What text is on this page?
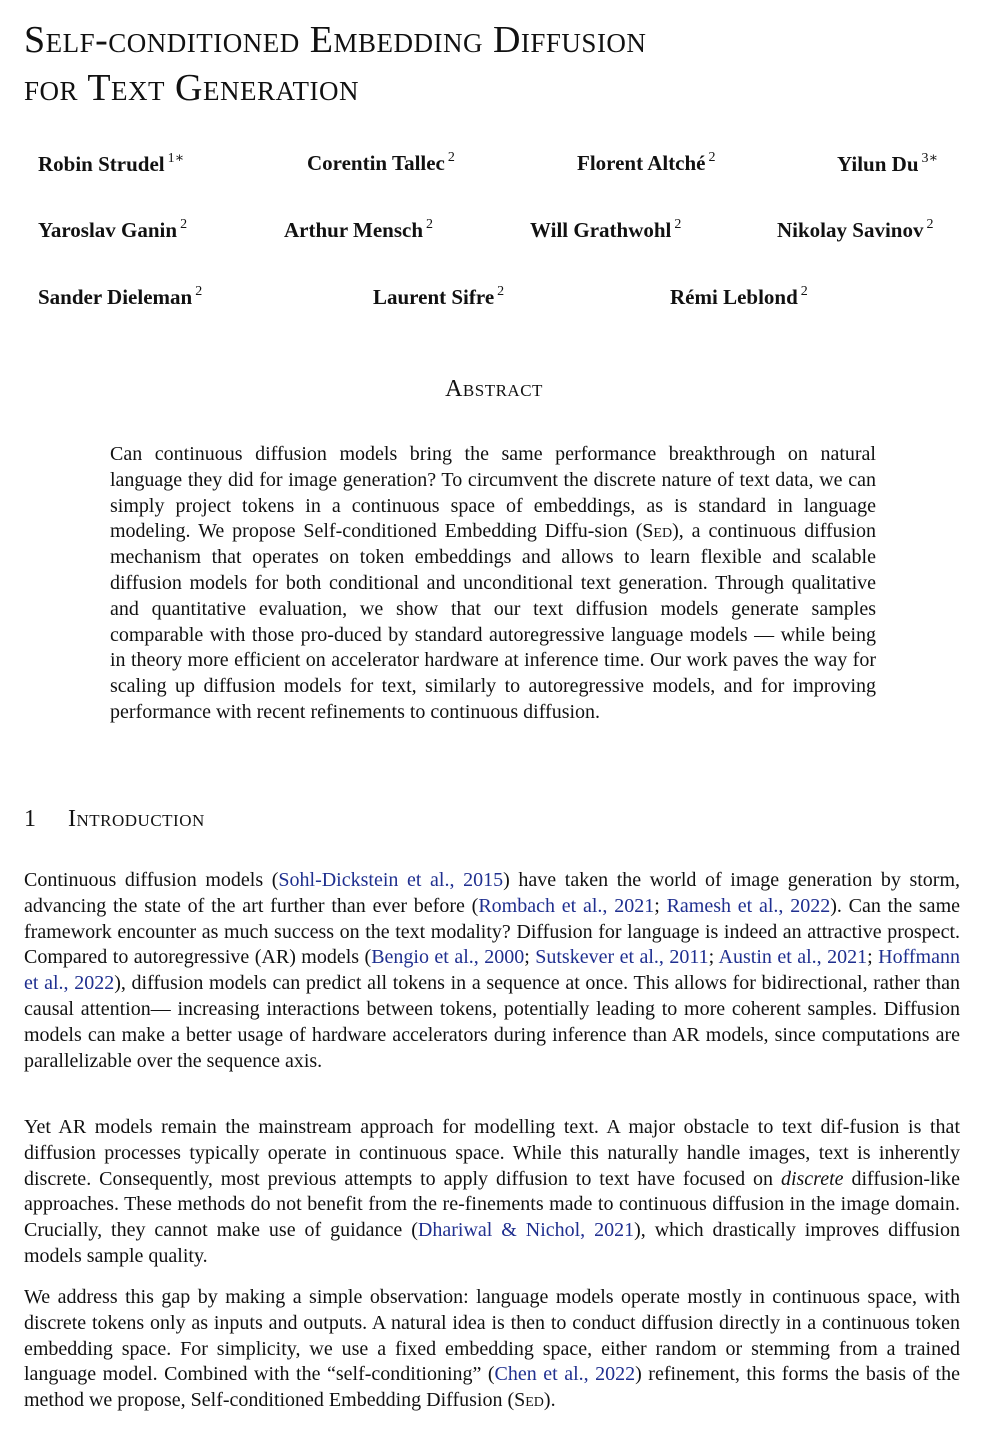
Self-conditioned Embedding Diffusion
for Text Generation
Robin Strudel $^{1∗}$	Corentin Tallec $^2$	Florent Altché $^2$	Yilun Du $^{3∗}$
Yaroslav Ganin $^2$	Arthur Mensch $^2$	Will Grathwohl $^2$	Nikolay Savinov $^2$
Sander Dieleman $^2$	Laurent Sifre $^2$	Rémi Leblond $^2$
Abstract
Can continuous diffusion models bring the same performance breakthrough on natural language they did for image generation? To circumvent the discrete nature of text data, we can simply project tokens in a continuous space of embeddings, as is standard in language modeling. We propose Self-conditioned Embedding Diffu-sion (Sed), a continuous diffusion mechanism that operates on token embeddings and allows to learn flexible and scalable diffusion models for both conditional and unconditional text generation. Through qualitative and quantitative evaluation, we show that our text diffusion models generate samples comparable with those pro-duced by standard autoregressive language models — while being in theory more efficient on accelerator hardware at inference time. Our work paves the way for scaling up diffusion models for text, similarly to autoregressive models, and for improving performance with recent refinements to continuous diffusion.
1 Introduction
Continuous diffusion models (Sohl-Dickstein et al., 2015) have taken the world of image generation by storm, advancing the state of the art further than ever before (Rombach et al., 2021; Ramesh et al., 2022). Can the same framework encounter as much success on the text modality? Diffusion for language is indeed an attractive prospect. Compared to autoregressive (AR) models (Bengio et al., 2000; Sutskever et al., 2011; Austin et al., 2021; Hoffmann et al., 2022), diffusion models can predict all tokens in a sequence at once. This allows for bidirectional, rather than causal attention— increasing interactions between tokens, potentially leading to more coherent samples. Diffusion models can make a better usage of hardware accelerators during inference than AR models, since computations are parallelizable over the sequence axis.
Yet AR models remain the mainstream approach for modelling text. A major obstacle to text dif-fusion is that diffusion processes typically operate in continuous space. While this naturally handle images, text is inherently discrete. Consequently, most previous attempts to apply diffusion to text have focused on discrete diffusion-like approaches. These methods do not benefit from the re-finements made to continuous diffusion in the image domain. Crucially, they cannot make use of guidance (Dhariwal & Nichol, 2021), which drastically improves diffusion models sample quality.
We address this gap by making a simple observation: language models operate mostly in continuous space, with discrete tokens only as inputs and outputs. A natural idea is then to conduct diffusion directly in a continuous token embedding space. For simplicity, we use a fixed embedding space, either random or stemming from a trained language model. Combined with the “self-conditioning” (Chen et al., 2022) refinement, this forms the basis of the method we propose, Self-conditioned Embedding Diffusion (Sed).
